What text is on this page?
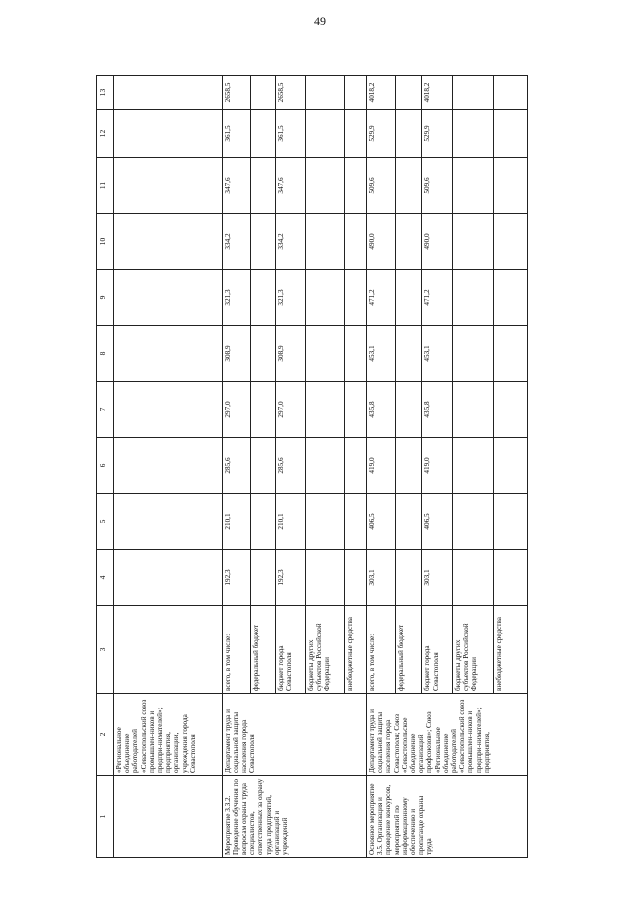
49
1	2	3	4	5	6	7	8	9	10	11	12	13
	«Региональное объединение работодателей «Севастопольский союз промышлен-ников и предпри-нимателей»; предприятия, организации, учреждения города Севастополя											
Мероприятие 3.3.2. Проведение обучения по вопросам охраны труда специалистов, ответственных за охрану труда предприятий, организаций и учреждений	Департамент труда и социальной защиты населения города Севастополя	всего, в том числе:	192,3	210,1	285,6	297,0	308,9	321,3	334,2	347,6	361,5	2658,5
		федеральный бюджет										
		бюджет города Севастополя	192,3	210,1	285,6	297,0	308,9	321,3	334,2	347,6	361,5	2658,5
		бюджеты других субъектов Российской Федерации										
		внебюджетные средства										
Основное мероприятие 3.5. Организация и проведение конкурсов, мероприятий по информационному обеспечению и пропаганде охраны труда	Департамент труда и социальной защиты населения города Севастополя; Союз «Севастопольское объединение организаций профсоюзов»; Союз «Региональное объединение работодателей «Севастопольский союз промышлен-ников и предпри-нимателей»; предприятия,	всего, в том числе:	303,1	406,5	419,0	435,8	453,1	471,2	490,0	509,6	529,9	4018,2
		федеральный бюджет										
		бюджет города Севастополя	303,1	406,5	419,0	435,8	453,1	471,2	490,0	509,6	529,9	4018,2
		бюджеты других субъектов Российской Федерации										
		внебюджетные средства										
